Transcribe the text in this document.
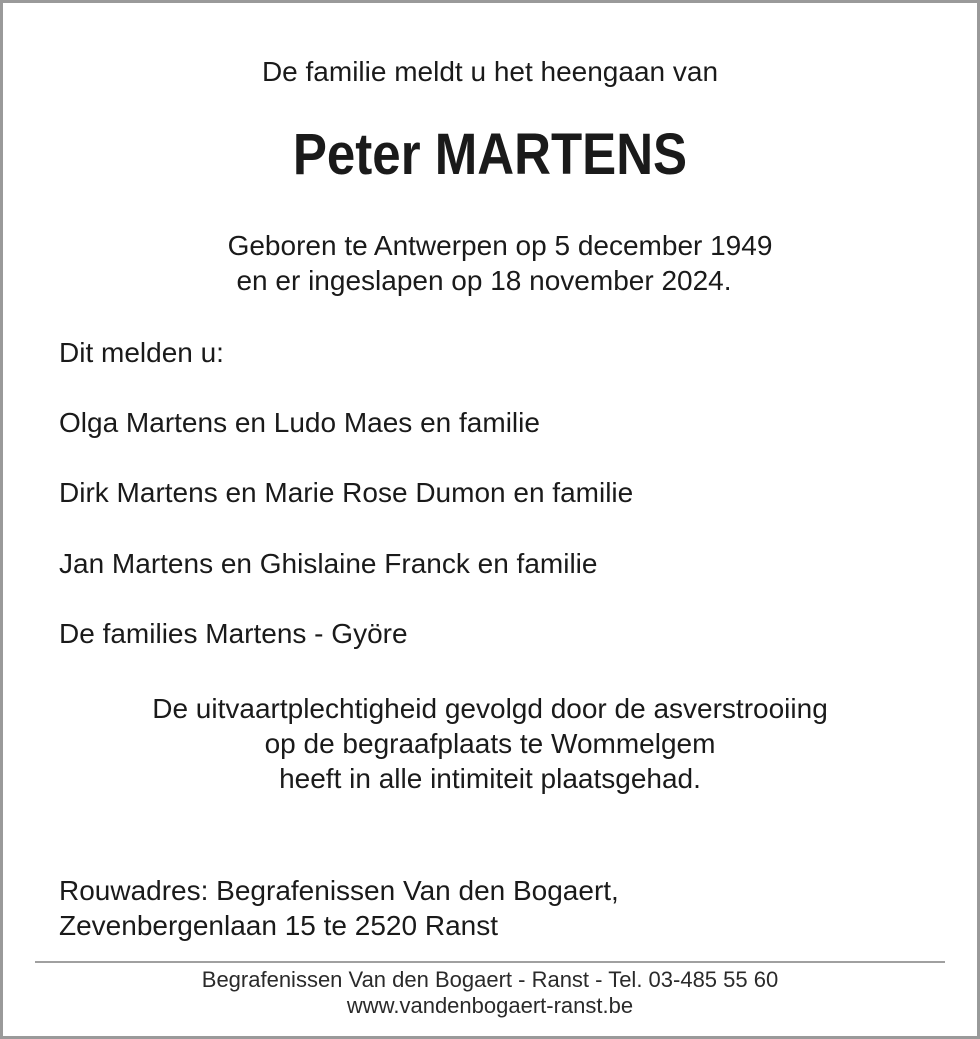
De familie meldt u het heengaan van
Peter MARTENS
Geboren te Antwerpen op 5 december 1949
en er ingeslapen op 18 november 2024.
Dit melden u:
Olga Martens en Ludo Maes en familie
Dirk Martens en Marie Rose Dumon en familie
Jan Martens en Ghislaine Franck en familie
De families Martens - Györe
De uitvaartplechtigheid gevolgd door de asverstrooiing
op de begraafplaats te Wommelgem
heeft in alle intimiteit plaatsgehad.
Rouwadres: Begrafenissen Van den Bogaert,
Zevenbergenlaan 15 te 2520 Ranst
Begrafenissen Van den Bogaert - Ranst - Tel. 03-485 55 60
www.vandenbogaert-ranst.be
